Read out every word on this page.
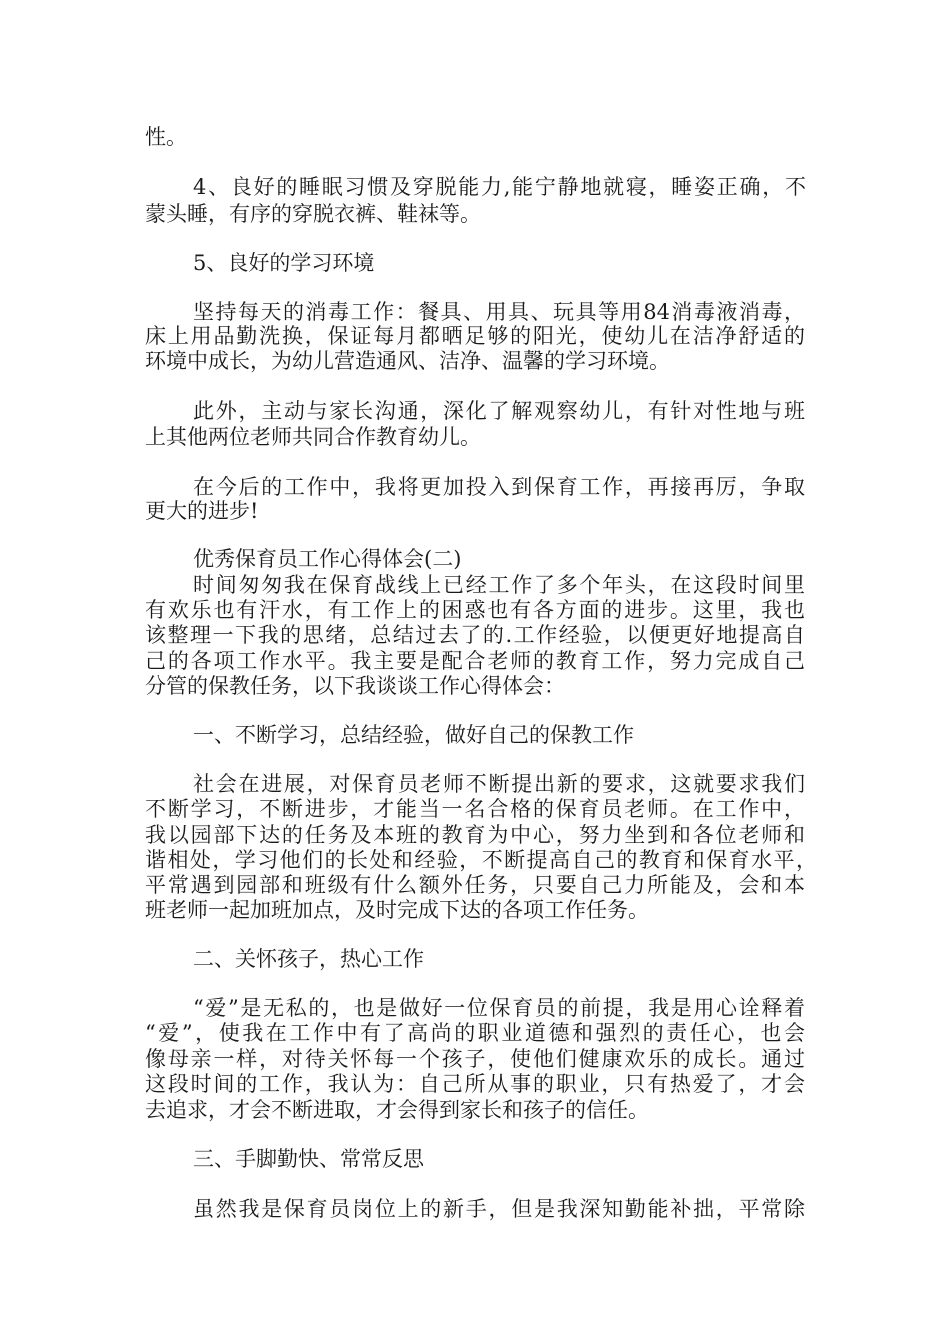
性。
4、良好的睡眠习惯及穿脱能力,能宁静地就寝，睡姿正确，不
蒙头睡，有序的穿脱衣裤、鞋袜等。
5、良好的学习环境
坚持每天的消毒工作：餐具、用具、玩具等用84消毒液消毒，
床上用品勤洗换，保证每月都晒足够的阳光，使幼儿在洁净舒适的
环境中成长，为幼儿营造通风、洁净、温馨的学习环境。
此外，主动与家长沟通，深化了解观察幼儿，有针对性地与班
上其他两位老师共同合作教育幼儿。
在今后的工作中，我将更加投入到保育工作，再接再厉，争取
更大的进步!
优秀保育员工作心得体会(二)
时间匆匆我在保育战线上已经工作了多个年头，在这段时间里
有欢乐也有汗水，有工作上的困惑也有各方面的进步。这里，我也
该整理一下我的思绪，总结过去了的.工作经验，以便更好地提高自
己的各项工作水平。我主要是配合老师的教育工作，努力完成自己
分管的保教任务，以下我谈谈工作心得体会：
一、不断学习，总结经验，做好自己的保教工作
社会在进展，对保育员老师不断提出新的要求，这就要求我们
不断学习，不断进步，才能当一名合格的保育员老师。在工作中，
我以园部下达的任务及本班的教育为中心，努力坐到和各位老师和
谐相处，学习他们的长处和经验，不断提高自己的教育和保育水平，
平常遇到园部和班级有什么额外任务，只要自己力所能及，会和本
班老师一起加班加点，及时完成下达的各项工作任务。
二、关怀孩子，热心工作
“爱”是无私的，也是做好一位保育员的前提，我是用心诠释着
“爱”，使我在工作中有了高尚的职业道德和强烈的责任心，也会
像母亲一样，对待关怀每一个孩子，使他们健康欢乐的成长。通过
这段时间的工作，我认为：自己所从事的职业，只有热爱了，才会
去追求，才会不断进取，才会得到家长和孩子的信任。
三、手脚勤快、常常反思
虽然我是保育员岗位上的新手，但是我深知勤能补拙，平常除
